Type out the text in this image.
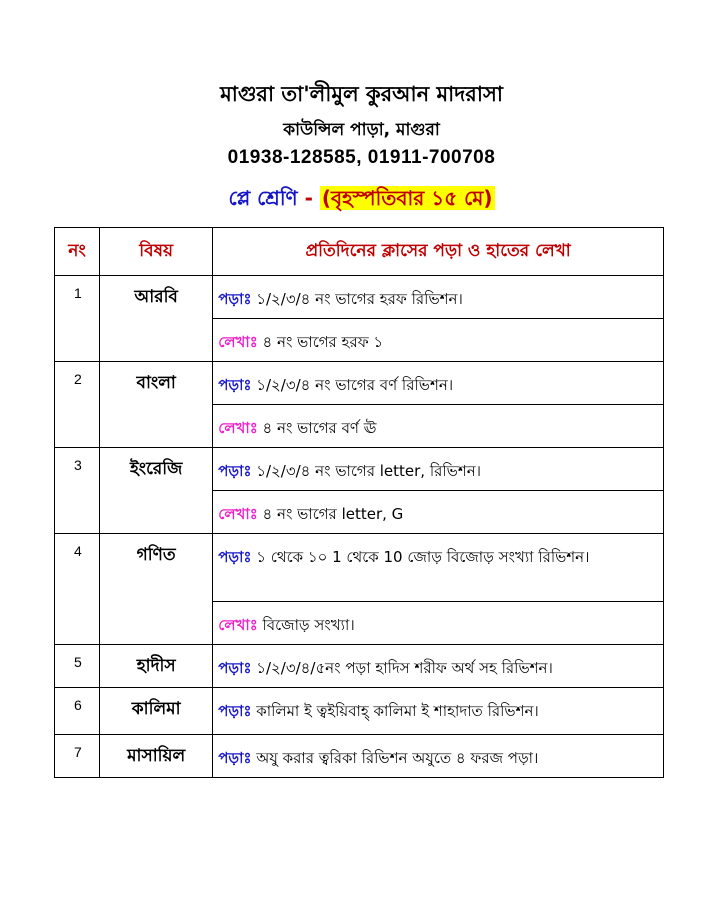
মাগুরা তা'লীমুল কুরআন মাদরাসা
কাউন্সিল পাড়া, মাগুরা
01938-128585, 01911-700708
প্লে শ্রেণি - (বৃহস্পতিবার ১৫ মে)
নং	বিষয়	প্রতিদিনের ক্লাসের পড়া ও হাতের লেখা
1	আরবি	পড়াঃ ১/২/৩/৪ নং ভাগের হরফ রিভিশন।
		লেখাঃ ৪ নং ভাগের হরফ ১
2	বাংলা	পড়াঃ ১/২/৩/৪ নং ভাগের বর্ণ রিভিশন।
		লেখাঃ ৪ নং ভাগের বর্ণ ঊ
3	ইংরেজি	পড়াঃ ১/২/৩/৪ নং ভাগের letter, রিভিশন।
		লেখাঃ ৪ নং ভাগের letter, G
4	গণিত	পড়াঃ ১ থেকে ১০ 1 থেকে 10 জোড় বিজোড় সংখ্যা রিভিশন।
		লেখাঃ বিজোড় সংখ্যা।
5	হাদীস	পড়াঃ ১/২/৩/৪/৫নং পড়া হাদিস শরীফ অর্থ সহ রিভিশন।
6	কালিমা	পড়াঃ কালিমা ই ত্বইয়িবাহ্ কালিমা ই শাহাদাত রিভিশন।
7	মাসায়িল	পড়াঃ অযু করার ত্বরিকা রিভিশন অযুতে ৪ ফরজ পড়া।
